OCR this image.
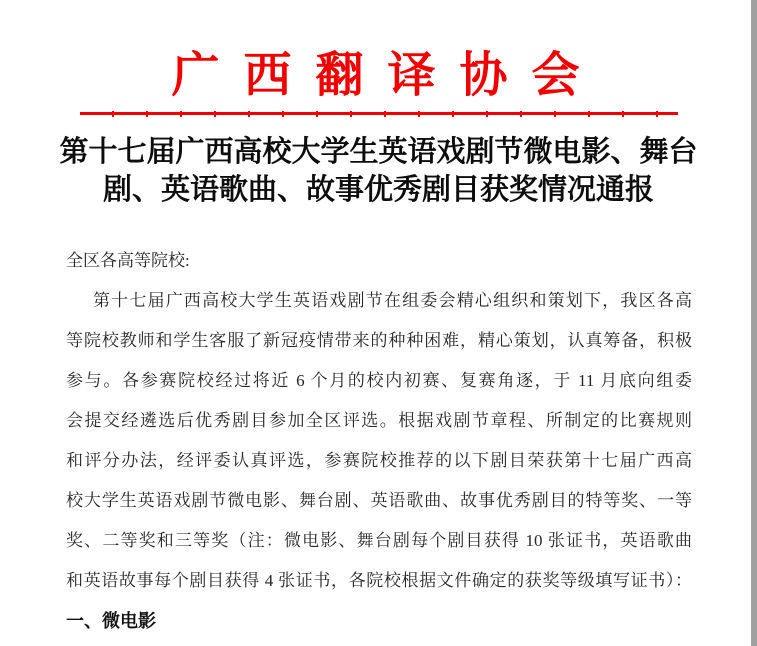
广 西 翻 译 协 会
第十七届广西高校大学生英语戏剧节微电影、舞台
剧、英语歌曲、故事优秀剧目获奖情况通报
全区各高等院校:
第十七届广西高校大学生英语戏剧节在组委会精心组织和策划下，我区各高
等院校教师和学生客服了新冠疫情带来的种种困难，精心策划，认真筹备，积极
参与。各参赛院校经过将近 6 个月的校内初赛、复赛角逐，于 11 月底向组委
会提交经遴选后优秀剧目参加全区评选。根据戏剧节章程、所制定的比赛规则
和评分办法，经评委认真评选，参赛院校推荐的以下剧目荣获第十七届广西高
校大学生英语戏剧节微电影、舞台剧、英语歌曲、故事优秀剧目的特等奖、一等
奖、二等奖和三等奖（注：微电影、舞台剧每个剧目获得 10 张证书，英语歌曲
和英语故事每个剧目获得 4 张证书，各院校根据文件确定的获奖等级填写证书）：
一、微电影
